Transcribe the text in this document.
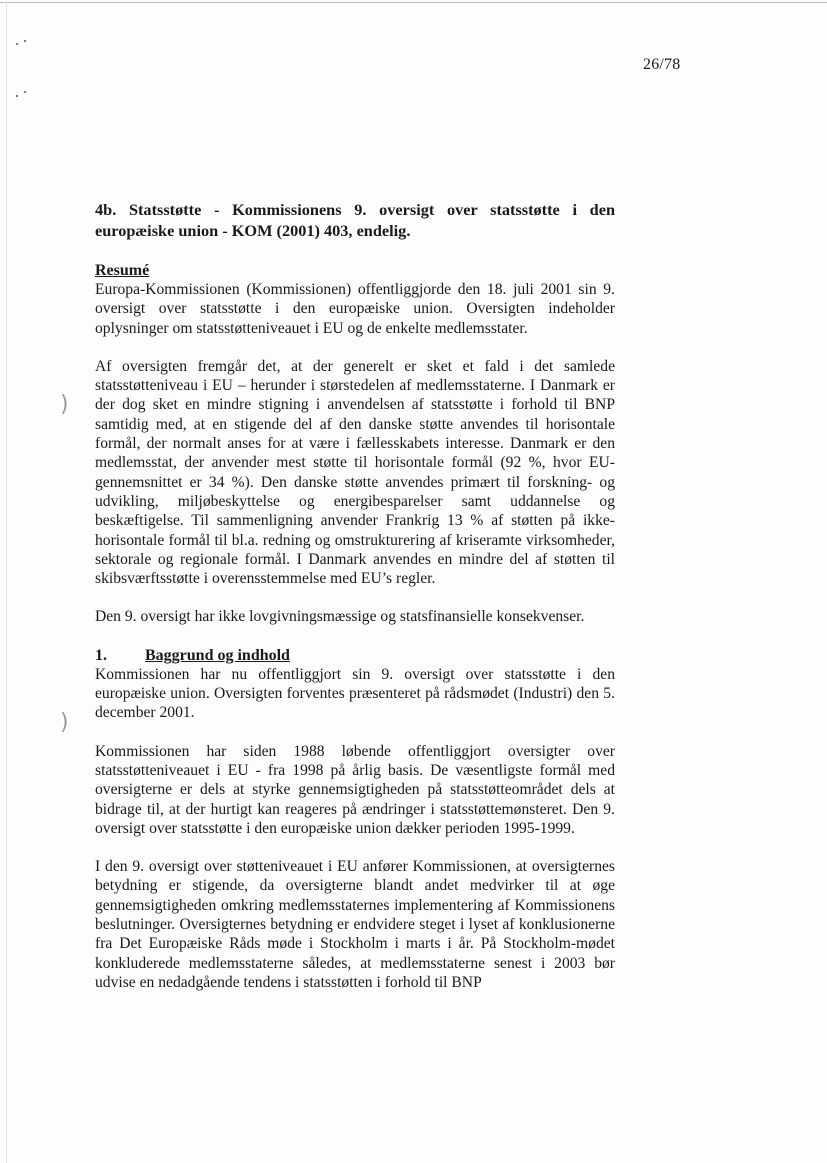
)
)
26/78
4b. Statsstøtte - Kommissionens 9. oversigt over statsstøtte i den europæiske union - KOM (2001) 403, endelig.
Resumé

Europa-Kommissionen (Kommissionen) offentliggjorde den 18. juli 2001 sin 9. oversigt over statsstøtte i den europæiske union. Oversigten indeholder oplysninger om statsstøtteniveauet i EU og de enkelte medlemsstater.

Af oversigten fremgår det, at der generelt er sket et fald i det samlede statsstøtteniveau i EU – herunder i størstedelen af medlemsstaterne. I Danmark er der dog sket en mindre stigning i anvendelsen af statsstøtte i forhold til BNP samtidig med, at en stigende del af den danske støtte anvendes til horisontale formål, der normalt anses for at være i fællesskabets interesse. Danmark er den medlemsstat, der anvender mest støtte til horisontale formål (92 %, hvor EU-gennemsnittet er 34 %). Den danske støtte anvendes primært til forskning- og udvikling, miljøbeskyttelse og energibesparelser samt uddannelse og beskæftigelse. Til sammenligning anvender Frankrig 13 % af støtten på ikke-horisontale formål til bl.a. redning og omstrukturering af kriseramte virksomheder, sektorale og regionale formål. I Danmark anvendes en mindre del af støtten til skibsværftsstøtte i overensstemmelse med EU’s regler.

Den 9. oversigt har ikke lovgivningsmæssige og statsfinansielle konsekvenser.

1.	Baggrund og indhold

Kommissionen har nu offentliggjort sin 9. oversigt over statsstøtte i den europæiske union. Oversigten forventes præsenteret på rådsmødet (Industri) den 5. december 2001.

Kommissionen har siden 1988 løbende offentliggjort oversigter over statsstøtteniveauet i EU - fra 1998 på årlig basis. De væsentligste formål med oversigterne er dels at styrke gennemsigtigheden på statsstøtteområdet dels at bidrage til, at der hurtigt kan reageres på ændringer i statsstøttemønsteret. Den 9. oversigt over statsstøtte i den europæiske union dækker perioden 1995-1999.

I den 9. oversigt over støtteniveauet i EU anfører Kommissionen, at oversigternes betydning er stigende, da oversigterne blandt andet medvirker til at øge gennemsigtigheden omkring medlemsstaternes implementering af Kommissionens beslutninger. Oversigternes betydning er endvidere steget i lyset af konklusionerne fra Det Europæiske Råds møde i Stockholm i marts i år. På Stockholm-mødet konkluderede medlemsstaterne således, at medlemsstaterne senest i 2003 bør udvise en nedadgående tendens i statsstøtten i forhold til BNP
